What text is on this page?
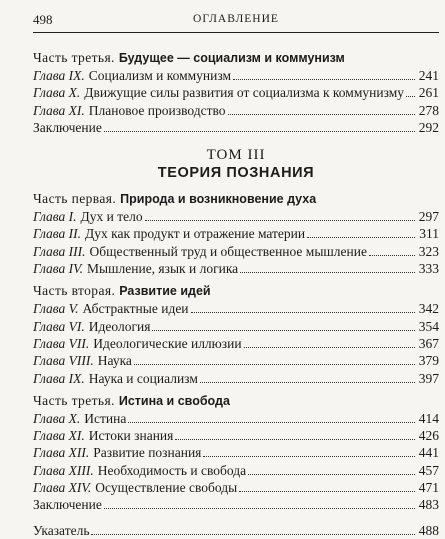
498	ОГЛАВЛЕНИЕ
Часть третья. Будущее — социализм и коммунизм
Глава IX. Социализм и коммунизм	241
Глава X. Движущие силы развития от социализма к коммунизму 261
Глава XI. Плановое производство	278
Заключение	292
ТОМ III
ТЕОРИЯ ПОЗНАНИЯ
Часть первая. Природа и возникновение духа
Глава I. Дух и тело	297
Глава II. Дух как продукт и отражение материи	311
Глава III. Общественный труд и общественное мышление	323
Глава IV. Мышление, язык и логика	333
Часть вторая. Развитие идей
Глава V. Абстрактные идеи	342
Глава VI. Идеология	354
Глава VII. Идеологические иллюзии	367
Глава VIII. Наука	379
Глава IX. Наука и социализм	397
Часть третья. Истина и свобода
Глава X. Истина	414
Глава XI. Истоки знания	426
Глава XII. Развитие познания	441
Глава XIII. Необходимость и свобода	457
Глава XIV. Осуществление свободы	471
Заключение	483
Указатель	488
